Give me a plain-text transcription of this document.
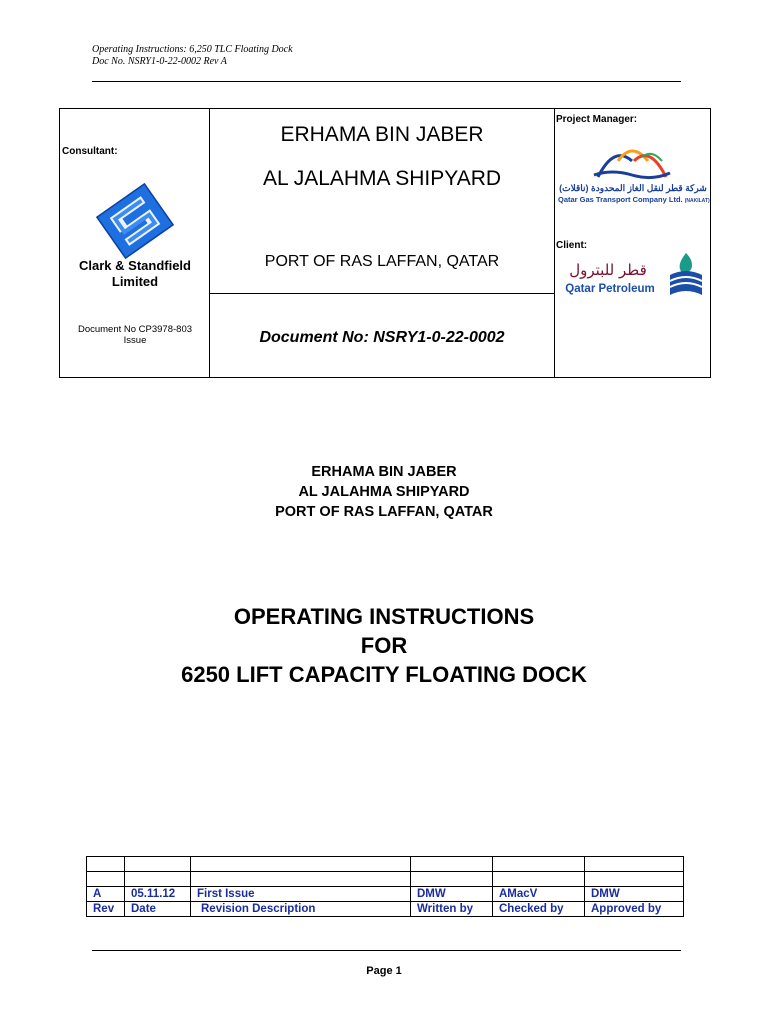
Operating Instructions: 6,250 TLC Floating Dock
Doc No. NSRY1-0-22-0002 Rev A
Consultant:
Clark & Standfield
Limited
Document No CP3978-803
Issue
ERHAMA BIN JABER
AL JALAHMA SHIPYARD
PORT OF RAS LAFFAN, QATAR
Document No: NSRY1-0-22-0002
Project Manager:
شركة قطر لنقل الغاز المحدودة (ناقلات)
Qatar Gas Transport Company Ltd. (NAKILAT)
Client:
قطر للبترول
Qatar Petroleum
ERHAMA BIN JABER
AL JALAHMA SHIPYARD
PORT OF RAS LAFFAN, QATAR
OPERATING INSTRUCTIONS
FOR
6250 LIFT CAPACITY FLOATING DOCK

A	05.11.12	First Issue	DMW	AMacV	DMW
Rev	Date	Revision Description	Written by	Checked by	Approved by
Page 1
